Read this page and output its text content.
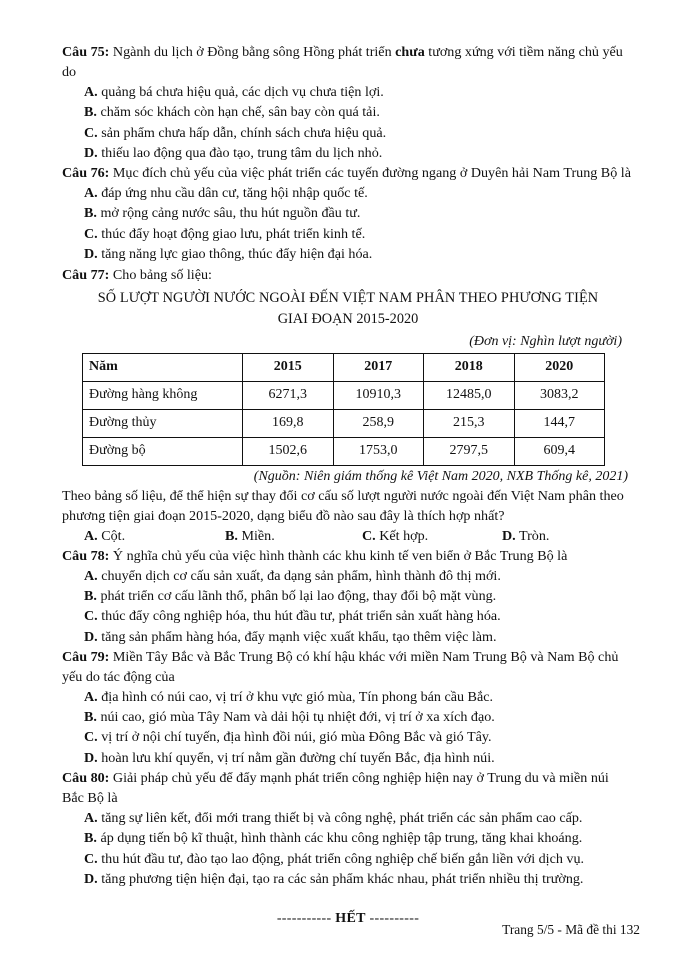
Câu 75: Ngành du lịch ở Đồng bằng sông Hồng phát triển chưa tương xứng với tiềm năng chủ yếu do
A. quảng bá chưa hiệu quả, các dịch vụ chưa tiện lợi.
B. chăm sóc khách còn hạn chế, sân bay còn quá tải.
C. sản phẩm chưa hấp dẫn, chính sách chưa hiệu quả.
D. thiếu lao động qua đào tạo, trung tâm du lịch nhỏ.
Câu 76: Mục đích chủ yếu của việc phát triển các tuyến đường ngang ở Duyên hải Nam Trung Bộ là
A. đáp ứng nhu cầu dân cư, tăng hội nhập quốc tế.
B. mở rộng cảng nước sâu, thu hút nguồn đầu tư.
C. thúc đẩy hoạt động giao lưu, phát triển kinh tế.
D. tăng năng lực giao thông, thúc đẩy hiện đại hóa.
Câu 77: Cho bảng số liệu:
SỐ LƯỢT NGƯỜI NƯỚC NGOÀI ĐẾN VIỆT NAM PHÂN THEO PHƯƠNG TIỆN
GIAI ĐOẠN 2015-2020
(Đơn vị: Nghìn lượt người)
Năm	2015	2017	2018	2020
Đường hàng không	6271,3	10910,3	12485,0	3083,2
Đường thủy	169,8	258,9	215,3	144,7
Đường bộ	1502,6	1753,0	2797,5	609,4
(Nguồn: Niên giám thống kê Việt Nam 2020, NXB Thống kê, 2021)
Theo bảng số liệu, để thể hiện sự thay đổi cơ cấu số lượt người nước ngoài đến Việt Nam phân theo phương tiện giai đoạn 2015-2020, dạng biểu đồ nào sau đây là thích hợp nhất?
A. Cột.	B. Miền.	C. Kết hợp.	D. Tròn.
Câu 78: Ý nghĩa chủ yếu của việc hình thành các khu kinh tế ven biển ở Bắc Trung Bộ là
A. chuyển dịch cơ cấu sản xuất, đa dạng sản phẩm, hình thành đô thị mới.
B. phát triển cơ cấu lãnh thổ, phân bố lại lao động, thay đổi bộ mặt vùng.
C. thúc đẩy công nghiệp hóa, thu hút đầu tư, phát triển sản xuất hàng hóa.
D. tăng sản phẩm hàng hóa, đẩy mạnh việc xuất khẩu, tạo thêm việc làm.
Câu 79: Miền Tây Bắc và Bắc Trung Bộ có khí hậu khác với miền Nam Trung Bộ và Nam Bộ chủ yếu do tác động của
A. địa hình có núi cao, vị trí ở khu vực gió mùa, Tín phong bán cầu Bắc.
B. núi cao, gió mùa Tây Nam và dải hội tụ nhiệt đới, vị trí ở xa xích đạo.
C. vị trí ở nội chí tuyến, địa hình đồi núi, gió mùa Đông Bắc và gió Tây.
D. hoàn lưu khí quyển, vị trí nằm gần đường chí tuyến Bắc, địa hình núi.
Câu 80: Giải pháp chủ yếu để đẩy mạnh phát triển công nghiệp hiện nay ở Trung du và miền núi Bắc Bộ là
A. tăng sự liên kết, đổi mới trang thiết bị và công nghệ, phát triển các sản phẩm cao cấp.
B. áp dụng tiến bộ kĩ thuật, hình thành các khu công nghiệp tập trung, tăng khai khoáng.
C. thu hút đầu tư, đào tạo lao động, phát triển công nghiệp chế biến gắn liền với dịch vụ.
D. tăng phương tiện hiện đại, tạo ra các sản phẩm khác nhau, phát triển nhiều thị trường.
----------- HẾT ----------
Trang 5/5 - Mã đề thi 132
